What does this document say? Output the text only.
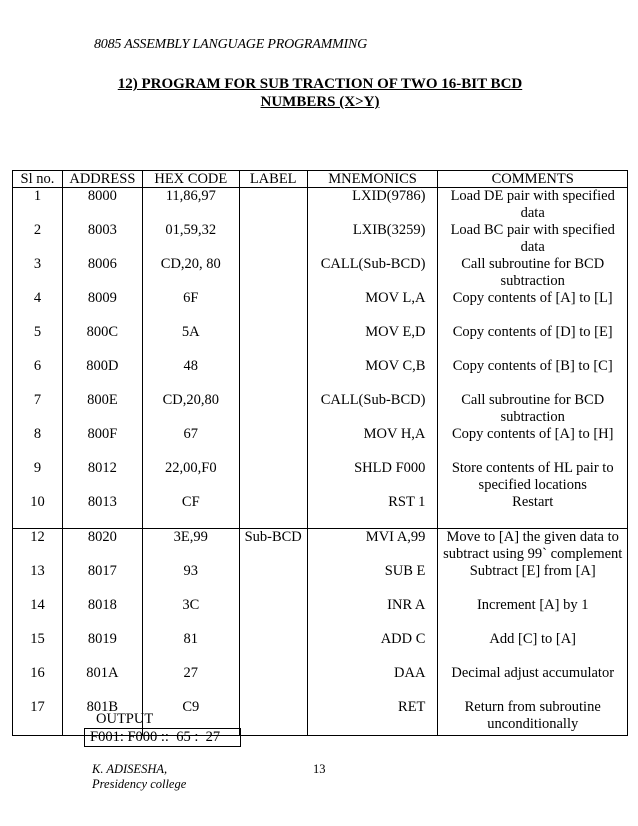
8085 ASSEMBLY LANGUAGE PROGRAMMING
12) PROGRAM FOR SUB TRACTION OF TWO 16-BIT BCD
NUMBERS (X>Y)
Sl no.	ADDRESS	HEX CODE	LABEL	MNEMONICS	COMMENTS
1	8000	11,86,97		LXID(9786)	Load DE pair with specified data
2	8003	01,59,32		LXIB(3259)	Load BC pair with specified data
3	8006	CD,20, 80		CALL(Sub-BCD)	Call subroutine for BCD subtraction
4	8009	6F		MOV L,A	Copy contents of [A] to [L]
5	800C	5A		MOV E,D	Copy contents of [D] to [E]
6	800D	48		MOV C,B	Copy contents of [B] to [C]
7	800E	CD,20,80		CALL(Sub-BCD)	Call subroutine for BCD subtraction
8	800F	67		MOV H,A	Copy contents of [A] to [H]
9	8012	22,00,F0		SHLD F000	Store contents of HL pair to specified locations
10	8013	CF		RST 1	Restart
12	8020	3E,99	Sub-BCD	MVI A,99	Move to [A] the given data to subtract using 99` complement
13	8017	93		SUB E	Subtract [E] from [A]
14	8018	3C		INR A	Increment [A] by 1
15	8019	81		ADD C	Add [C] to [A]
16	801A	27		DAA	Decimal adjust accumulator
17	801B	C9		RET	Return from subroutine unconditionally
OUTPUT
F001: F000 ::  65 :  27
K. ADISESHA,
Presidency college
13
